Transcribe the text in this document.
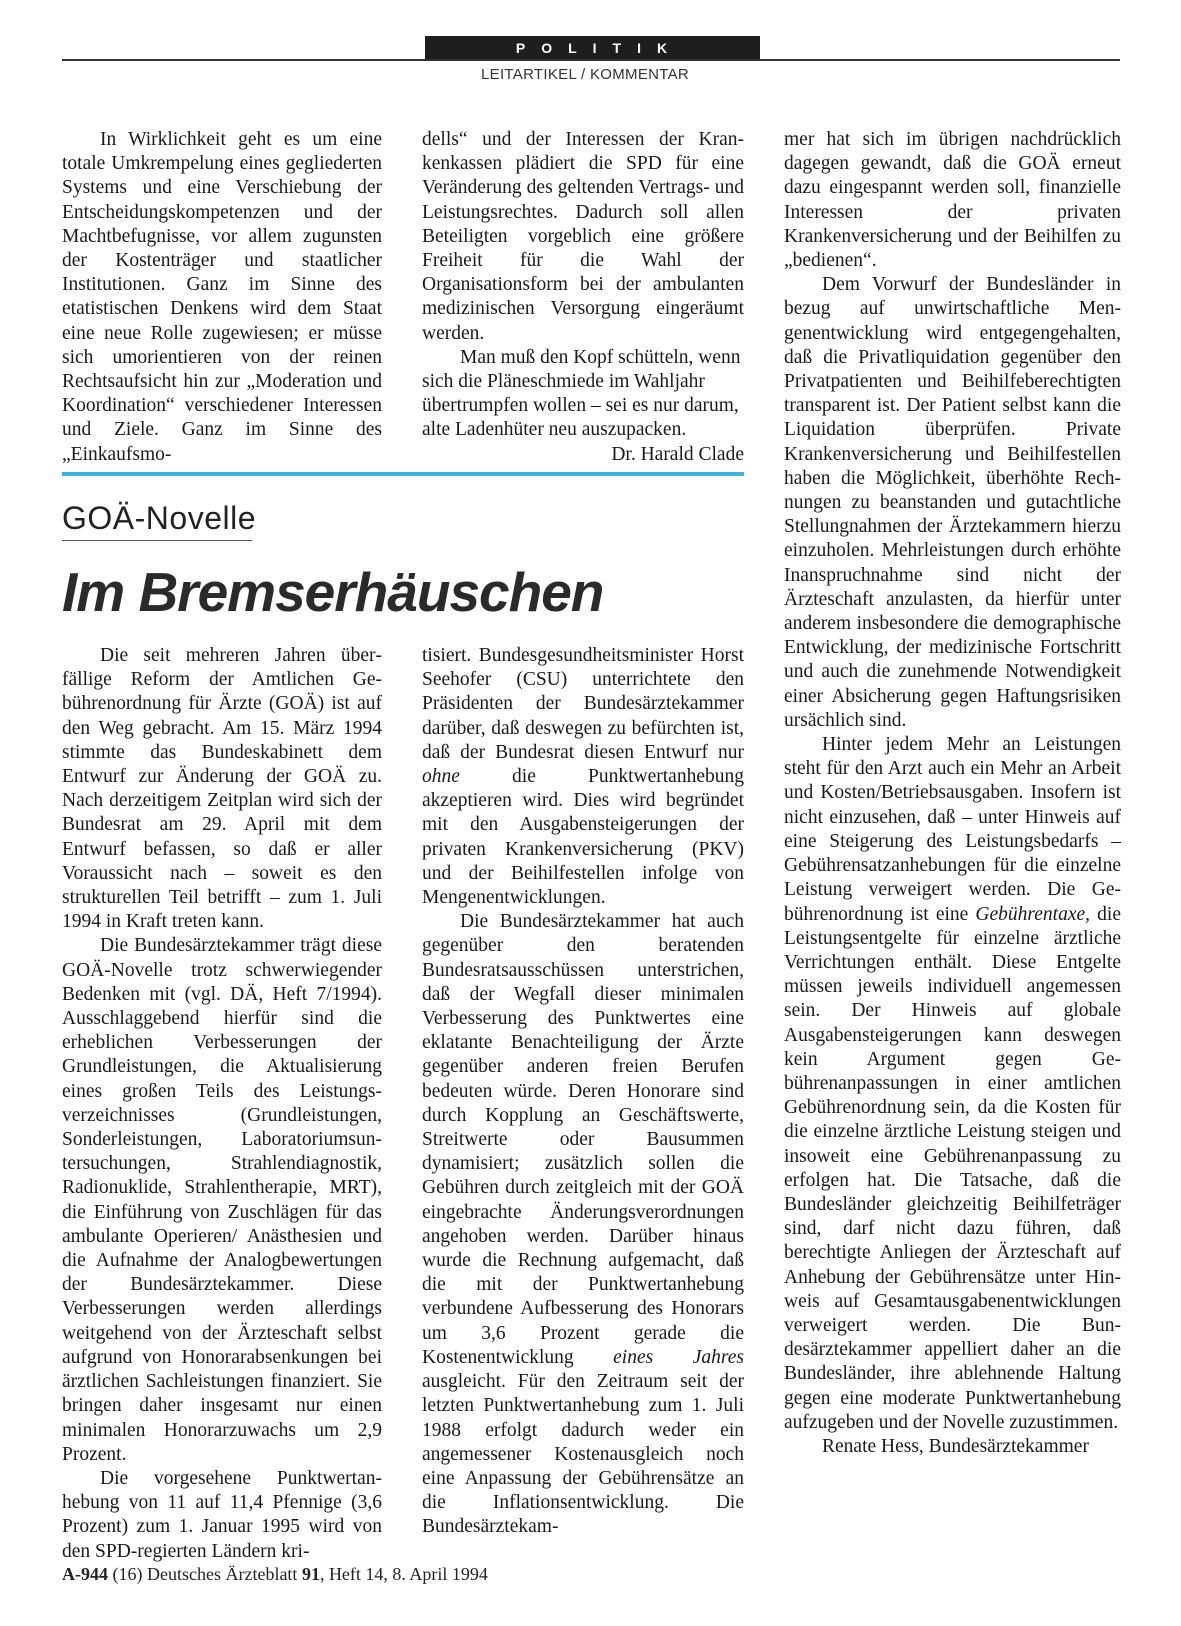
POLITIK
LEITARTIKEL / KOMMENTAR

In Wirklichkeit geht es um eine totale Umkrempelung eines gegliederten Systems und eine Verschiebung der Entscheidungskompetenzen und der Machtbefugnisse, vor allem zugunsten der Kostenträger und staatlicher Institutionen. Ganz im Sinne des etatistischen Denkens wird dem Staat eine neue Rolle zugewiesen; er müsse sich umorientieren von der reinen Rechtsaufsicht hin zur „Moderation und Koordination“ verschiedener Interessen und Ziele. Ganz im Sinne des „Einkaufsmo-

dells“ und der Interessen der Krankenkassen plädiert die SPD für eine Veränderung des geltenden Vertrags- und Leistungsrechtes. Dadurch soll allen Beteiligten vorgeblich eine größere Freiheit für die Wahl der Organisationsform bei der ambulanten medizinischen Versorgung eingeräumt werden.

Man muß den Kopf schütteln, wenn sich die Pläneschmiede im Wahljahr übertrumpfen wollen – sei es nur darum, alte Ladenhüter neu auszupacken.
Dr. Harald Clade

GOÄ-Novelle
Im Bremserhäuschen

mer hat sich im übrigen nachdrücklich dagegen gewandt, daß die GOÄ erneut dazu eingespannt werden soll, finanzielle Interessen der privaten Krankenversicherung und der Beihilfen zu „bedienen“.

Dem Vorwurf der Bundesländer in bezug auf unwirtschaftliche Mengenentwicklung wird entgegengehalten, daß die Privatliquidation gegenüber den Privatpatienten und Beihilfeberechtigten transparent ist. Der Patient selbst kann die Liquidation überprüfen. Private Krankenversicherung und Beihilfestellen haben die Möglichkeit, überhöhte Rechnungen zu beanstanden und gutachtliche Stellungnahmen der Ärztekammern hierzu einzuholen. Mehrleistungen durch erhöhte Inanspruchnahme sind nicht der Ärzteschaft anzulasten, da hierfür unter anderem insbesondere die demographische Entwicklung, der medizinische Fortschritt und auch die zunehmende Notwendigkeit einer Absicherung gegen Haftungsrisiken ursächlich sind.

Hinter jedem Mehr an Leistungen steht für den Arzt auch ein Mehr an Arbeit und Kosten/Betriebsausgaben. Insofern ist nicht einzusehen, daß – unter Hinweis auf eine Steigerung des Leistungsbedarfs – Gebührensatzanhebungen für die einzelne Leistung verweigert werden. Die Gebührenordnung ist eine Gebührentaxe, die Leistungsentgelte für einzelne ärztliche Verrichtungen enthält. Diese Entgelte müssen jeweils individuell angemessen sein. Der Hinweis auf globale Ausgabensteigerungen kann deswegen kein Argument gegen Gebührenanpassungen in einer amtlichen Gebührenordnung sein, da die Kosten für die einzelne ärztliche Leistung steigen und insoweit eine Gebührenanpassung zu erfolgen hat. Die Tatsache, daß die Bundesländer gleichzeitig Beihilfeträger sind, darf nicht dazu führen, daß berechtigte Anliegen der Ärzteschaft auf Anhebung der Gebührensätze unter Hinweis auf Gesamtausgabenentwicklungen verweigert werden. Die Bundesärztekammer appelliert daher an die Bundesländer, ihre ablehnende Haltung gegen eine moderate Punktwertanhebung aufzugeben und der Novelle zuzustimmen.

Renate Hess, Bundesärztekammer

Die seit mehreren Jahren überfällige Reform der Amtlichen Gebührenordnung für Ärzte (GOÄ) ist auf den Weg gebracht. Am 15. März 1994 stimmte das Bundeskabinett dem Entwurf zur Änderung der GOÄ zu. Nach derzeitigem Zeitplan wird sich der Bundesrat am 29. April mit dem Entwurf befassen, so daß er aller Voraussicht nach – soweit es den strukturellen Teil betrifft – zum 1. Juli 1994 in Kraft treten kann.

Die Bundesärztekammer trägt diese GOÄ-Novelle trotz schwerwiegender Bedenken mit (vgl. DÄ, Heft 7/1994). Ausschlaggebend hierfür sind die erheblichen Verbesserungen der Grundleistungen, die Aktualisierung eines großen Teils des Leistungsverzeichnisses (Grundleistungen, Sonderleistungen, Laboratoriumsuntersuchungen, Strahlendiagnostik, Radionuklide, Strahlentherapie, MRT), die Einführung von Zuschlägen für das ambulante Operieren/ Anästhesien und die Aufnahme der Analogbewertungen der Bundesärztekammer. Diese Verbesserungen werden allerdings weitgehend von der Ärzteschaft selbst aufgrund von Honorarabsenkungen bei ärztlichen Sachleistungen finanziert. Sie bringen daher insgesamt nur einen minimalen Honorarzuwachs um 2,9 Prozent.

Die vorgesehene Punktwertanhebung von 11 auf 11,4 Pfennige (3,6 Prozent) zum 1. Januar 1995 wird von den SPD-regierten Ländern kri-

tisiert. Bundesgesundheitsminister Horst Seehofer (CSU) unterrichtete den Präsidenten der Bundesärztekammer darüber, daß deswegen zu befürchten ist, daß der Bundesrat diesen Entwurf nur ohne die Punktwertanhebung akzeptieren wird. Dies wird begründet mit den Ausgabensteigerungen der privaten Krankenversicherung (PKV) und der Beihilfestellen infolge von Mengenentwicklungen.

Die Bundesärztekammer hat auch gegenüber den beratenden Bundesratsausschüssen unterstrichen, daß der Wegfall dieser minimalen Verbesserung des Punktwertes eine eklatante Benachteiligung der Ärzte gegenüber anderen freien Berufen bedeuten würde. Deren Honorare sind durch Kopplung an Geschäftswerte, Streitwerte oder Bausummen dynamisiert; zusätzlich sollen die Gebühren durch zeitgleich mit der GOÄ eingebrachte Änderungsverordnungen angehoben werden. Darüber hinaus wurde die Rechnung aufgemacht, daß die mit der Punktwertanhebung verbundene Aufbesserung des Honorars um 3,6 Prozent gerade die Kostenentwicklung eines Jahres ausgleicht. Für den Zeitraum seit der letzten Punktwertanhebung zum 1. Juli 1988 erfolgt dadurch weder ein angemessener Kostenausgleich noch eine Anpassung der Gebührensätze an die Inflationsentwicklung. Die Bundesärztekam-

A-944 (16) Deutsches Ärzteblatt 91, Heft 14, 8. April 1994
